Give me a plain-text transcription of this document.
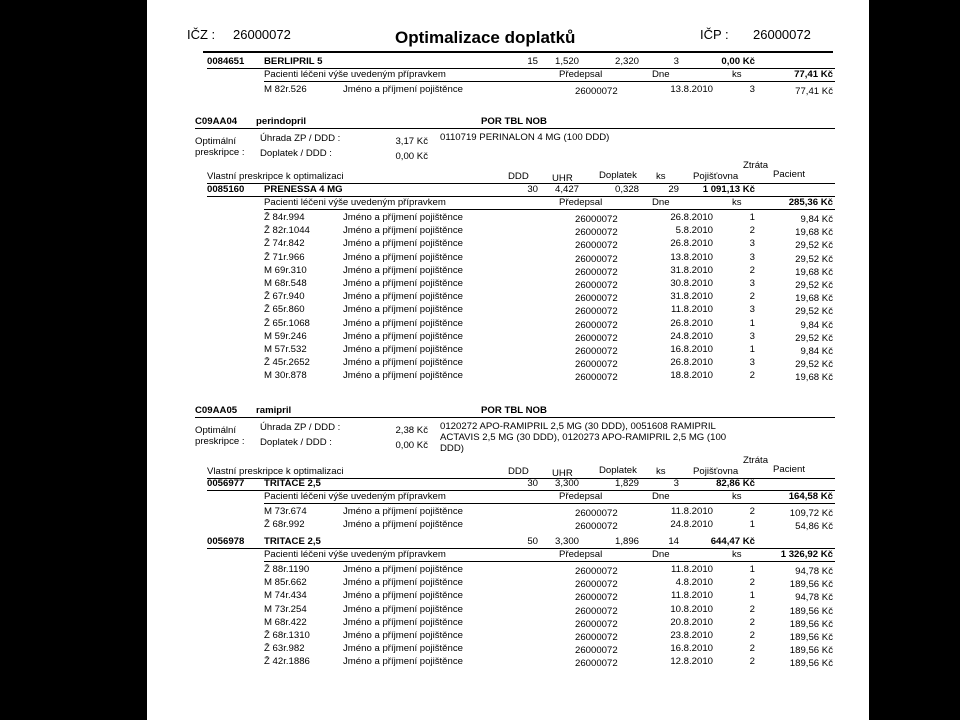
IČZ : 26000072	Optimalizace doplatků	IČP : 26000072
0084651 BERLIPRIL 5	15 1,520	2,320	3	0,00 Kč
Pacienti léčeni výše uvedeným přípravkem	Předepsal	Dne	ks	77,41 Kč
M 82r.526	Jméno a příjmení pojištěnce	26000072	13.8.2010	3	77,41 Kč
C09AA04 perindopril	POR TBL NOB
Optimální
preskripce :
Úhrada ZP / DDD :	3,17 Kč
Doplatek / DDD :	0,00 Kč
0110719 PERINALON 4 MG (100 DDD)
Ztráta
Vlastní preskripce k optimalizaci	DDD UHR	Doplatek ks	Pojišťovna	Pacient
0085160 PRENESSA 4 MG	30 4,427	0,328	29 1 091,13 Kč
Pacienti léčeni výše uvedeným přípravkem	Předepsal	Dne	ks	285,36 Kč
Ž 84r.994	Jméno a příjmení pojištěnce	26000072	26.8.2010	1	9,84 Kč
Ž 82r.1044	Jméno a příjmení pojištěnce	26000072	5.8.2010	2	19,68 Kč
Ž 74r.842	Jméno a příjmení pojištěnce	26000072	26.8.2010	3	29,52 Kč
Ž 71r.966	Jméno a příjmení pojištěnce	26000072	13.8.2010	3	29,52 Kč
M 69r.310	Jméno a příjmení pojištěnce	26000072	31.8.2010	2	19,68 Kč
M 68r.548	Jméno a příjmení pojištěnce	26000072	30.8.2010	3	29,52 Kč
Ž 67r.940	Jméno a příjmení pojištěnce	26000072	31.8.2010	2	19,68 Kč
Ž 65r.860	Jméno a příjmení pojištěnce	26000072	11.8.2010	3	29,52 Kč
Ž 65r.1068	Jméno a příjmení pojištěnce	26000072	26.8.2010	1	9,84 Kč
M 59r.246	Jméno a příjmení pojištěnce	26000072	24.8.2010	3	29,52 Kč
M 57r.532	Jméno a příjmení pojištěnce	26000072	16.8.2010	1	9,84 Kč
Ž 45r.2652	Jméno a příjmení pojištěnce	26000072	26.8.2010	3	29,52 Kč
M 30r.878	Jméno a příjmení pojištěnce	26000072	18.8.2010	2	19,68 Kč
C09AA05 ramipril	POR TBL NOB
Optimální
preskripce :
Úhrada ZP / DDD :	2,38 Kč
Doplatek / DDD :	0,00 Kč
0120272 APO-RAMIPRIL 2,5 MG (30 DDD), 0051608 RAMIPRIL
ACTAVIS 2,5 MG (30 DDD), 0120273 APO-RAMIPRIL 2,5 MG (100
DDD)
Ztráta
Vlastní preskripce k optimalizaci	DDD UHR	Doplatek ks	Pojišťovna	Pacient
0056977 TRITACE 2,5	30 3,300	1,829	3	82,86 Kč
Pacienti léčeni výše uvedeným přípravkem	Předepsal	Dne	ks	164,58 Kč
M 73r.674	Jméno a příjmení pojištěnce	26000072	11.8.2010	2	109,72 Kč
Ž 68r.992	Jméno a příjmení pojištěnce	26000072	24.8.2010	1	54,86 Kč
0056978 TRITACE 2,5	50 3,300	1,896	14	644,47 Kč
Pacienti léčeni výše uvedeným přípravkem	Předepsal	Dne	ks	1 326,92 Kč
Ž 88r.1190	Jméno a příjmení pojištěnce	26000072	11.8.2010	1	94,78 Kč
M 85r.662	Jméno a příjmení pojištěnce	26000072	4.8.2010	2	189,56 Kč
M 74r.434	Jméno a příjmení pojištěnce	26000072	11.8.2010	1	94,78 Kč
M 73r.254	Jméno a příjmení pojištěnce	26000072	10.8.2010	2	189,56 Kč
M 68r.422	Jméno a příjmení pojištěnce	26000072	20.8.2010	2	189,56 Kč
Ž 68r.1310	Jméno a příjmení pojištěnce	26000072	23.8.2010	2	189,56 Kč
Ž 63r.982	Jméno a příjmení pojištěnce	26000072	16.8.2010	2	189,56 Kč
Ž 42r.1886	Jméno a příjmení pojištěnce	26000072	12.8.2010	2	189,56 Kč
